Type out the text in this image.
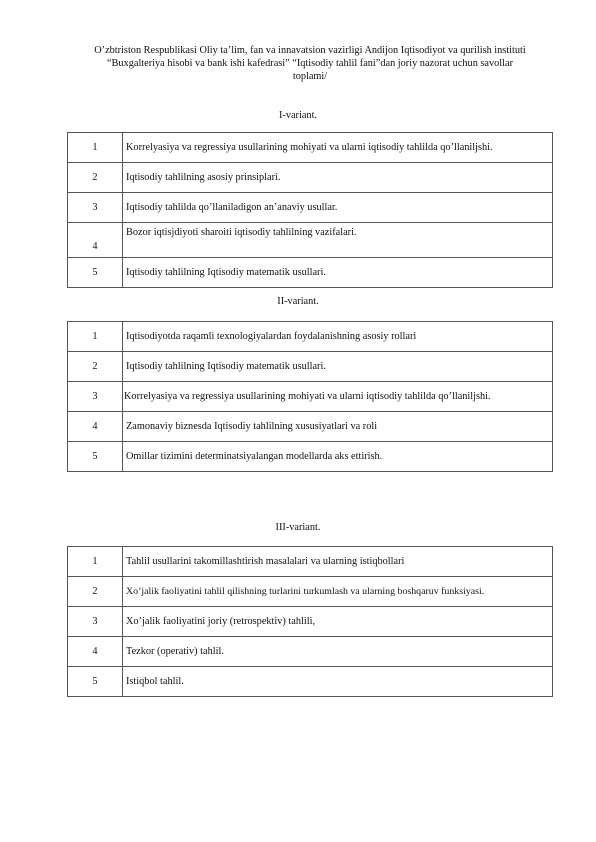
O’zbtriston Respublikasi Oliy ta’lim, fan va innavatsion vazirligi Andijon Iqtisodiyot va qurilish instituti
“Buxgalteriya hisobi va bank ishi kafedrasi” “Iqtisodiy tahlil fani”dan joriy nazorat uchun savollar
toplami/
I-variant.
1	Korrelyasiya va regressiya usullarining mohiyati va ularni iqtisodiy tahlilda qo’llaniljshi.
2	Iqtisodiy tahlilning asosiy prinsiplari.
3	Iqtisodiy tahlilda qo’llaniladigon an’anaviy usullar.
4	Bozor iqtisjdiyoti sharoiti iqtisodiy tahlilning vazifalari.
5	Iqtisodiy tahlilning Iqtisodiy matematik usullari.
II-variant.
1	Iqtisodiyotda raqamli texnologiyalardan foydalanishning asosiy rollari
2	Iqtisodiy tahlilning Iqtisodiy matematik usullari.
3	Korrelyasiya va regressiya usullarining mohiyati va ularni iqtisodiy tahlilda qo’llaniljshi.
4	Zamonaviy biznesda Iqtisodiy tahlilning xususiyatlari va roli
5	Omillar tizimini determinatsiyalangan modellarda aks ettirish.
III-variant.
1	Tahlil usullarini takomillashtirish masalalari va ularning istiqbollari
2	Xo’jalik faoliyatini tahlil qilishning turlarini turkumlash va ularning boshqaruv funksiyasi.
3	Xo’jalik faoliyatini joriy (retrospektiv) tahlili,
4	Tezkor (operativ) tahlil.
5	Istiqbol tahlil.
